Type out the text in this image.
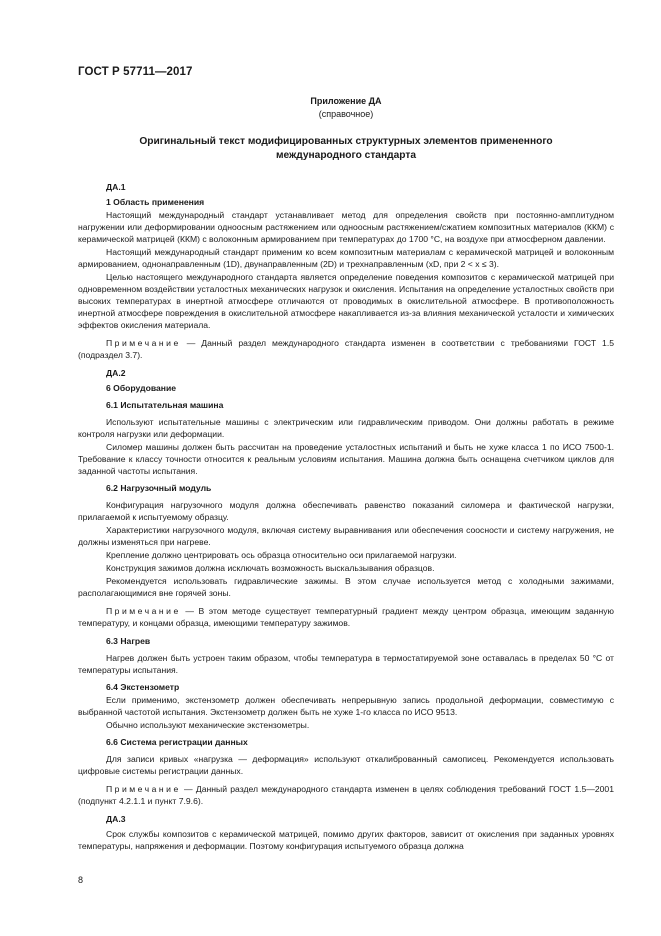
ГОСТ Р 57711—2017
Приложение ДА
(справочное)
Оригинальный текст модифицированных структурных элементов примененного международного стандарта
ДА.1
1 Область применения

Настоящий международный стандарт устанавливает метод для определения свойств при постоянно-амплитудном нагружении или деформировании одноосным растяжением или одноосным растяжением/сжатием композитных материалов (ККМ) с керамической матрицей (ККМ) с волоконным армированием при температурах до 1700 °С, на воздухе при атмосферном давлении.

Настоящий международный стандарт применим ко всем композитным материалам с керамической матрицей и волоконным армированием, однонаправленным (1D), двунаправленным (2D) и трехнаправленным (xD, при 2 < x ≤ 3).

Целью настоящего международного стандарта является определение поведения композитов с керамической матрицей при одновременном воздействии усталостных механических нагрузок и окисления. Испытания на определение усталостных свойств при высоких температурах в инертной атмосфере отличаются от проводимых в окислительной атмосфере. В противоположность инертной атмосфере повреждения в окислительной атмосфере накапливается из-за влияния механической усталости и химических эффектов окисления материала.

Примечание — Данный раздел международного стандарта изменен в соответствии с требованиями ГОСТ 1.5 (подраздел 3.7).

ДА.2
6 Оборудование
6.1 Испытательная машина

Используют испытательные машины с электрическим или гидравлическим приводом. Они должны работать в режиме контроля нагрузки или деформации.

Силомер машины должен быть рассчитан на проведение усталостных испытаний и быть не хуже класса 1 по ИСО 7500-1. Требование к классу точности относится к реальным условиям испытания. Машина должна быть оснащена счетчиком циклов для заданной частоты испытания.

6.2 Нагрузочный модуль

Конфигурация нагрузочного модуля должна обеспечивать равенство показаний силомера и фактической нагрузки, прилагаемой к испытуемому образцу.

Характеристики нагрузочного модуля, включая систему выравнивания или обеспечения соосности и систему нагружения, не должны изменяться при нагреве.

Крепление должно центрировать ось образца относительно оси прилагаемой нагрузки.

Конструкция зажимов должна исключать возможность выскальзывания образцов.

Рекомендуется использовать гидравлические зажимы. В этом случае используется метод с холодными зажимами, располагающимися вне горячей зоны.

Примечание — В этом методе существует температурный градиент между центром образца, имеющим заданную температуру, и концами образца, имеющими температуру зажимов.

6.3 Нагрев

Нагрев должен быть устроен таким образом, чтобы температура в термостатируемой зоне оставалась в пределах 50 °С от температуры испытания.

6.4 Экстензометр

Если применимо, экстензометр должен обеспечивать непрерывную запись продольной деформации, совместимую с выбранной частотой испытания. Экстензометр должен быть не хуже 1-го класса по ИСО 9513.

Обычно используют механические экстензометры.

6.6 Система регистрации данных

Для записи кривых «нагрузка — деформация» используют откалиброванный самописец. Рекомендуется использовать цифровые системы регистрации данных.

Примечание — Данный раздел международного стандарта изменен в целях соблюдения требований ГОСТ 1.5—2001 (подпункт 4.2.1.1 и пункт 7.9.6).

ДА.3

Срок службы композитов с керамической матрицей, помимо других факторов, зависит от окисления при заданных уровнях температуры, напряжения и деформации. Поэтому конфигурация испытуемого образца должна

8
